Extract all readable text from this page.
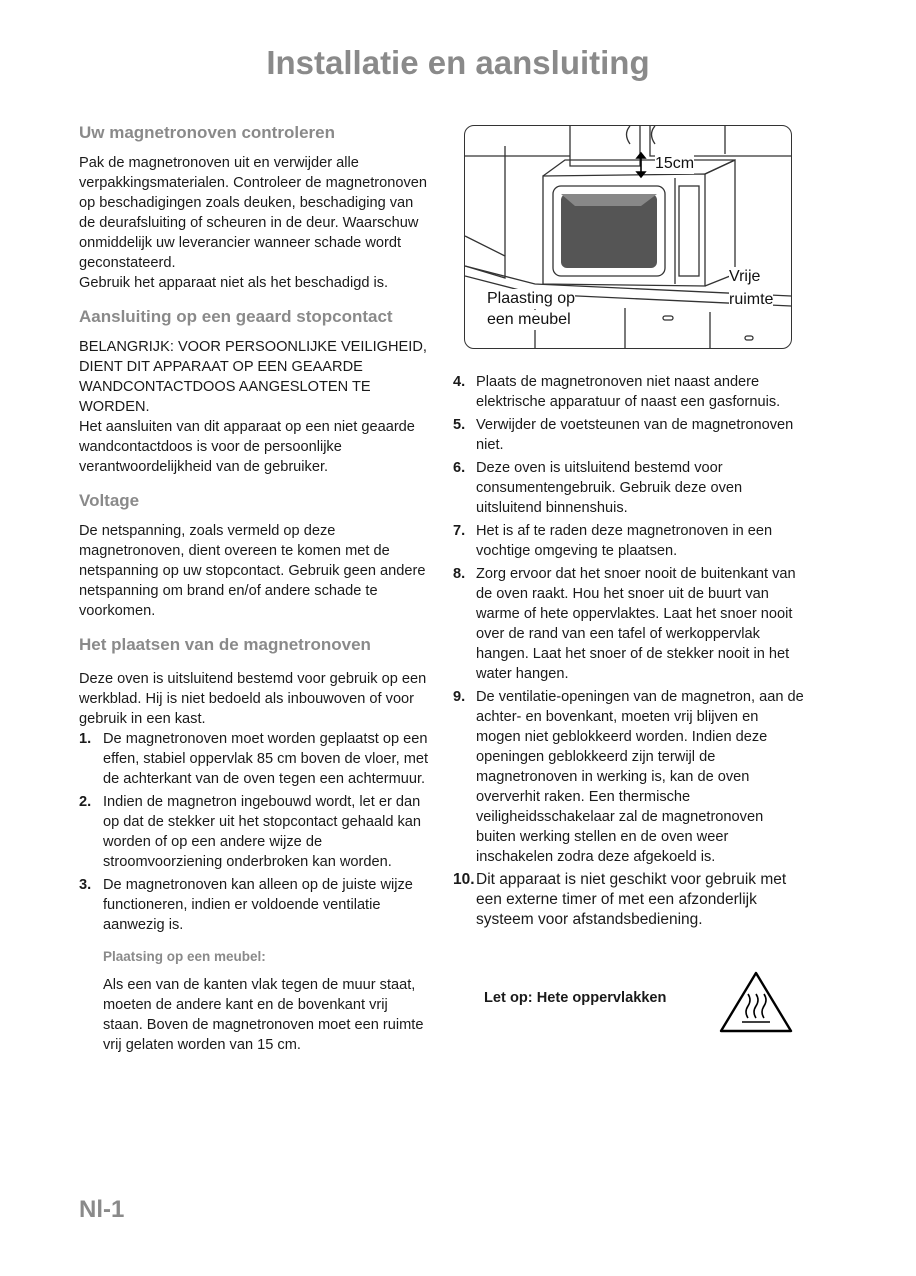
Installatie en aansluiting
Uw magnetronoven controleren

Pak de magnetronoven uit en verwijder alle verpakkingsmaterialen. Controleer de magnetronoven op beschadigingen zoals deuken, beschadiging van de deurafsluiting of scheuren in de deur. Waarschuw onmiddelijk uw leverancier wanneer schade wordt geconstateerd.

Gebruik het apparaat niet als het beschadigd is.

Aansluiting op een geaard stopcontact

BELANGRIJK: VOOR PERSOONLIJKE VEILIGHEID, DIENT DIT APPARAAT OP EEN GEAARDE WANDCONTACTDOOS AANGESLOTEN TE WORDEN.

Het aansluiten van dit apparaat op een niet geaarde wandcontactdoos is voor de persoonlijke verantwoordelijkheid van de gebruiker.

Voltage

De netspanning, zoals vermeld op deze magnetronoven, dient overeen te komen met de netspanning op uw stopcontact. Gebruik geen andere netspanning om brand en/of andere schade te voorkomen.

Het plaatsen van de magnetronoven

Deze oven is uitsluitend bestemd voor gebruik op een werkblad. Hij is niet bedoeld als inbouwoven of voor gebruik in een kast.

1. De magnetronoven moet worden geplaatst op een effen, stabiel oppervlak 85 cm boven de vloer, met de achterkant van de oven tegen een achtermuur.
2. Indien de magnetron ingebouwd wordt, let er dan op dat de stekker uit het stopcontact gehaald kan worden of op een andere wijze de stroomvoorziening onderbroken kan worden.
3. De magnetronoven kan alleen op de juiste wijze functioneren, indien er voldoende ventilatie aanwezig is.
Plaatsing op een meubel:

Als een van de kanten vlak tegen de muur staat, moeten de andere kant en de bovenkant vrij staan. Boven de magnetronoven moet een ruimte vrij gelaten worden van 15 cm.

15cm
Vrije
ruimte
Plaasting op
een meubel
4. Plaats de magnetronoven niet naast andere elektrische apparatuur of naast een gasfornuis.
5. Verwijder de voetsteunen van de magnetronoven niet.
6. Deze oven is uitsluitend bestemd voor consumentengebruik. Gebruik deze oven uitsluitend binnenshuis.
7. Het is af te raden deze magnetronoven in een vochtige omgeving te plaatsen.
8. Zorg ervoor dat het snoer nooit de buitenkant van de oven raakt. Hou het snoer uit de buurt van warme of hete oppervlaktes. Laat het snoer nooit over de rand van een tafel of werkoppervlak hangen. Laat het snoer of de stekker nooit in het water hangen.
9. De ventilatie-openingen van de magnetron, aan de achter- en bovenkant, moeten vrij blijven en mogen niet geblokkeerd worden. Indien deze openingen geblokkeerd zijn terwijl de magnetronoven in werking is, kan de oven oververhit raken. Een thermische veiligheidsschakelaar zal de magnetronoven buiten werking stellen en de oven weer inschakelen zodra deze afgekoeld is.
10. Dit apparaat is niet geschikt voor gebruik met een externe timer of met een afzonderlijk systeem voor afstandsbediening.
Let op: Hete oppervlakken
Nl-1
